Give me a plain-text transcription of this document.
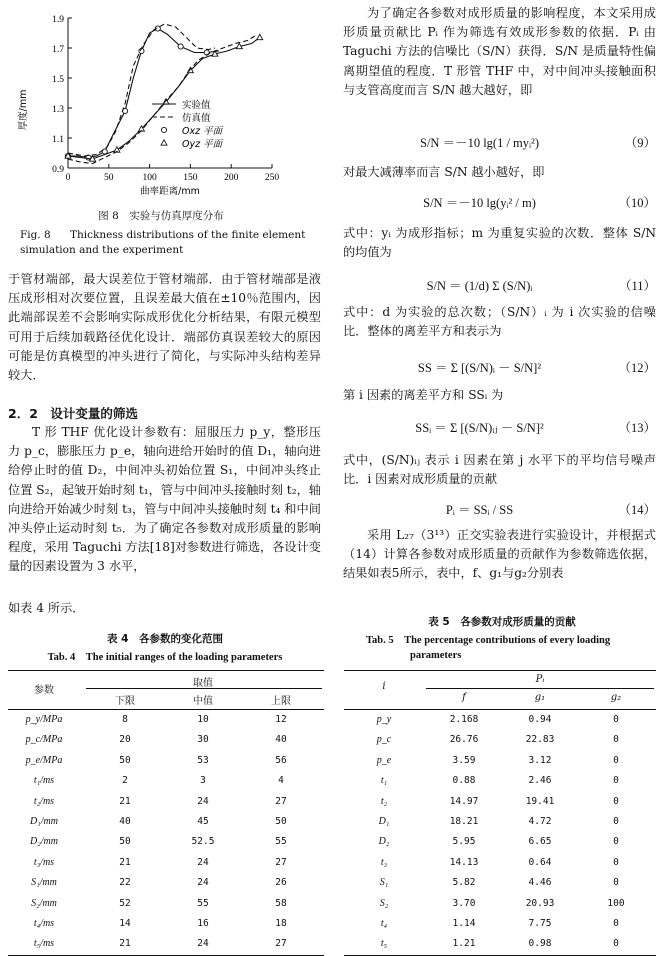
1.9
1.7
1.5
1.3
1.1
0.9
0	50	100	150	200	250
厚度/mm
曲率距离/mm
实验值
仿真值
Oxz 平面
Oyz 平面
图 8　实验与仿真厚度分布
Fig. 8 Thickness distributions of the finite element simulation and the experiment

于管材端部，最大误差位于管材端部．由于管材端部是液压成形相对次要位置，且误差最大值在±10％范围内，因此端部误差不会影响实际成形优化分析结果，有限元模型可用于后续加载路径优化设计．端部仿真误差较大的原因可能是仿真模型的冲头进行了简化，与实际冲头结构差异较大．

2．2　设计变量的筛选

T 形 THF 优化设计参数有：屈服压力 p_y，整形压力 p_c，膨胀压力 p_e，轴向进给开始时的值 D₁，轴向进给停止时的值 D₂，中间冲头初始位置 S₁，中间冲头终止位置 S₂，起皱开始时刻 t₁，管与中间冲头接触时刻 t₂，轴向进给开始减少时刻 t₃，管与中间冲头接触时刻 t₄ 和中间冲头停止运动时刻 t₅．为了确定各参数对成形质量的影响程度，采用 Taguchi 方法[18]对参数进行筛选，各设计变量的因素设置为 3 水平，

如表 4 所示．

为了确定各参数对成形质量的影响程度，本文采用成形质量贡献比 Pᵢ 作为筛选有效成形参数的依据．Pᵢ 由 Taguchi 方法的信噪比（S/N）获得．S/N 是质量特性偏离期望值的程度．T 形管 THF 中，对中间冲头接触面积与支管高度而言 S/N 越大越好，即

S/N ＝－10 lg(1 / myᵢ²)	（9）

对最大减薄率而言 S/N 越小越好，即

S/N ＝－10 lg(yᵢ² / m)	（10）

式中：yᵢ 为成形指标；m 为重复实验的次数．整体 S/N 的均值为

S/N ＝ (1/d) Σ (S/N)ᵢ	（11）

式中：d 为实验的总次数；（S/N）ᵢ 为 i 次实验的信噪比．整体的离差平方和表示为

SS ＝ Σ [(S/N)ᵢ － S/N]²	（12）

第 i 因素的离差平方和 SSᵢ 为

SSᵢ ＝ Σ [(S/N)ᵢⱼ － S/N]²	（13）

式中，(S/N)ᵢⱼ 表示 i 因素在第 j 水平下的平均信号噪声比．i 因素对成形质量的贡献

Pᵢ ＝ SSᵢ / SS	（14）

采用 L₂₇（3¹³）正交实验表进行实验设计，并根据式（14）计算各参数对成形质量的贡献作为参数筛选依据，结果如表5所示，表中，f、g₁与g₂分别表

表 4　各参数的变化范围
Tab. 4　The initial ranges of the loading parameters
参数
取值
下限	中值	上限
p_y/MPa	8	10	12
p_c/MPa	20	30	40
p_e/MPa	50	53	56
t₁/ms	2	3	4
t₂/ms	21	24	27
D₁/mm	40	45	50
D₂/mm	50	52.5	55
t₃/ms	21	24	27
S₁/mm	22	24	26
S₂/mm	52	55	58
t₄/ms	14	16	18
t₅/ms	21	24	27
表 5　各参数对成形质量的贡献
Tab. 5　The percentage contributions of every loading
parameters
i
Pᵢ
f	g₁	g₂
p_y	2.168	0.94	0
p_c	26.76	22.83	0
p_e	3.59	3.12	0
t₁	0.88	2.46	0
t₂	14.97	19.41	0
D₁	18.21	4.72	0
D₂	5.95	6.65	0
t₃	14.13	0.64	0
S₁	5.82	4.46	0
S₂	3.70	20.93	100
t₄	1.14	7.75	0
t₅	1.21	0.98	0
